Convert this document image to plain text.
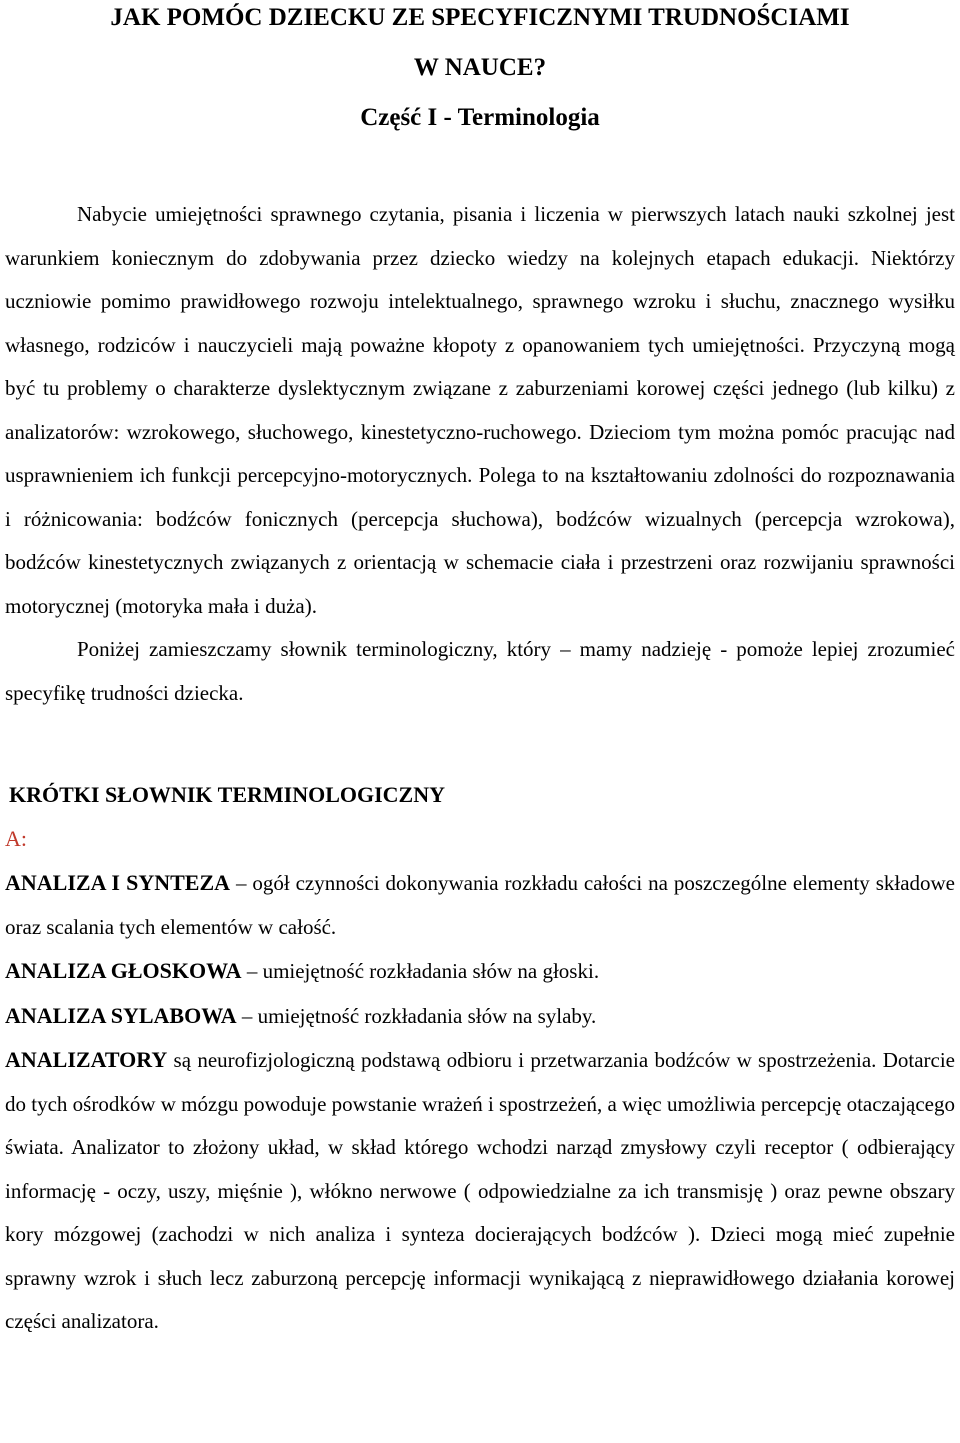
JAK POMÓC DZIECKU ZE SPECYFICZNYMI TRUDNOŚCIAMI
W NAUCE?
Część I - Terminologia

Nabycie umiejętności sprawnego czytania, pisania i liczenia w pierwszych latach nauki szkolnej jest warunkiem koniecznym do zdobywania przez dziecko wiedzy na kolejnych etapach edukacji. Niektórzy uczniowie pomimo prawidłowego rozwoju intelektualnego, sprawnego wzroku i słuchu, znacznego wysiłku własnego, rodziców i nauczycieli mają poważne kłopoty z opanowaniem tych umiejętności. Przyczyną mogą być tu problemy o charakterze dyslektycznym związane z zaburzeniami korowej części jednego (lub kilku) z analizatorów: wzrokowego, słuchowego, kinestetyczno-ruchowego. Dzieciom tym można pomóc pracując nad usprawnieniem ich funkcji percepcyjno-motorycznych. Polega to na kształtowaniu zdolności do rozpoznawania i różnicowania: bodźców fonicznych (percepcja słuchowa), bodźców wizualnych (percepcja wzrokowa), bodźców kinestetycznych związanych z orientacją w schemacie ciała i przestrzeni oraz rozwijaniu sprawności motorycznej (motoryka mała i duża).

Poniżej zamieszczamy słownik terminologiczny, który – mamy nadzieję - pomoże lepiej zrozumieć specyfikę trudności dziecka.

KRÓTKI SŁOWNIK TERMINOLOGICZNY
A:

ANALIZA I SYNTEZA – ogół czynności dokonywania rozkładu całości na poszczególne elementy składowe oraz scalania tych elementów w całość.

ANALIZA GŁOSKOWA – umiejętność rozkładania słów na głoski.

ANALIZA SYLABOWA – umiejętność rozkładania słów na sylaby.

ANALIZATORY są neurofizjologiczną podstawą odbioru i przetwarzania bodźców w spostrzeżenia. Dotarcie do tych ośrodków w mózgu powoduje powstanie wrażeń i spostrzeżeń, a więc umożliwia percepcję otaczającego świata. Analizator to złożony układ, w skład którego wchodzi narząd zmysłowy czyli receptor ( odbierający informację - oczy, uszy, mięśnie ), włókno nerwowe ( odpowiedzialne za ich transmisję ) oraz pewne obszary kory mózgowej (zachodzi w nich analiza i synteza docierających bodźców ). Dzieci mogą mieć zupełnie sprawny wzrok i słuch lecz zaburzoną percepcję informacji wynikającą z nieprawidłowego działania korowej części analizatora.
